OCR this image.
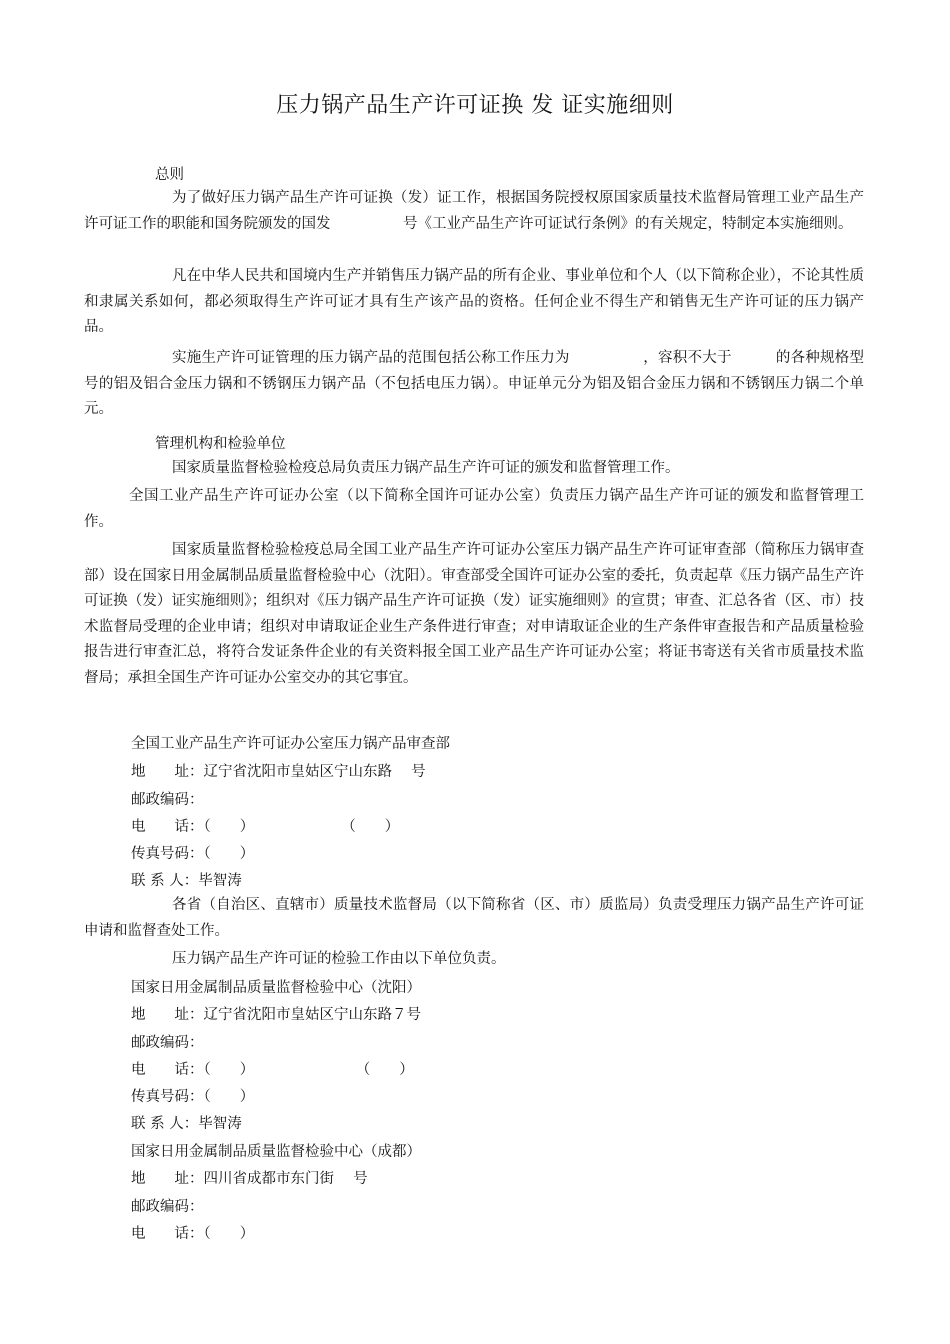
压力锅产品生产许可证换 发 证实施细则
总则
为了做好压力锅产品生产许可证换（发）证工作，根据国务院授权原国家质量技术监督局管理工业产品生产许可证工作的职能和国务院颁发的国发　　　　　号《工业产品生产许可证试行条例》的有关规定，特制定本实施细则。
凡在中华人民共和国境内生产并销售压力锅产品的所有企业、事业单位和个人（以下简称企业），不论其性质和隶属关系如何，都必须取得生产许可证才具有生产该产品的资格。任何企业不得生产和销售无生产许可证的压力锅产品。
实施生产许可证管理的压力锅产品的范围包括公称工作压力为　　　　　，容积不大于　　　的各种规格型号的铝及铝合金压力锅和不锈钢压力锅产品（不包括电压力锅）。申证单元分为铝及铝合金压力锅和不锈钢压力锅二个单元。
管理机构和检验单位
国家质量监督检验检疫总局负责压力锅产品生产许可证的颁发和监督管理工作。
全国工业产品生产许可证办公室（以下简称全国许可证办公室）负责压力锅产品生产许可证的颁发和监督管理工作。
国家质量监督检验检疫总局全国工业产品生产许可证办公室压力锅产品生产许可证审查部（简称压力锅审查部）设在国家日用金属制品质量监督检验中心（沈阳）。审查部受全国许可证办公室的委托，负责起草《压力锅产品生产许可证换（发）证实施细则》；组织对《压力锅产品生产许可证换（发）证实施细则》的宣贯；审查、汇总各省（区、市）技术监督局受理的企业申请；组织对申请取证企业生产条件进行审查；对申请取证企业的生产条件审查报告和产品质量检验报告进行审查汇总，将符合发证条件企业的有关资料报全国工业产品生产许可证办公室；将证书寄送有关省市质量技术监督局；承担全国生产许可证办公室交办的其它事宜。
全国工业产品生产许可证办公室压力锅产品审查部
地　　址：辽宁省沈阳市皇姑区宁山东路　 号
邮政编码：
电　　话：（　　）　　　　　　　（　　）
传真号码：（　　）
联 系 人：毕智涛
各省（自治区、直辖市）质量技术监督局（以下简称省（区、市）质监局）负责受理压力锅产品生产许可证申请和监督查处工作。
压力锅产品生产许可证的检验工作由以下单位负责。
国家日用金属制品质量监督检验中心（沈阳）
地　　址：辽宁省沈阳市皇姑区宁山东路７号
邮政编码：
电　　话：（　　）　　　　　　　　（　　）
传真号码：（　　）
联 系 人：毕智涛
国家日用金属制品质量监督检验中心（成都）
地　　址：四川省成都市东门街　 号
邮政编码：
电　　话：（　　）
